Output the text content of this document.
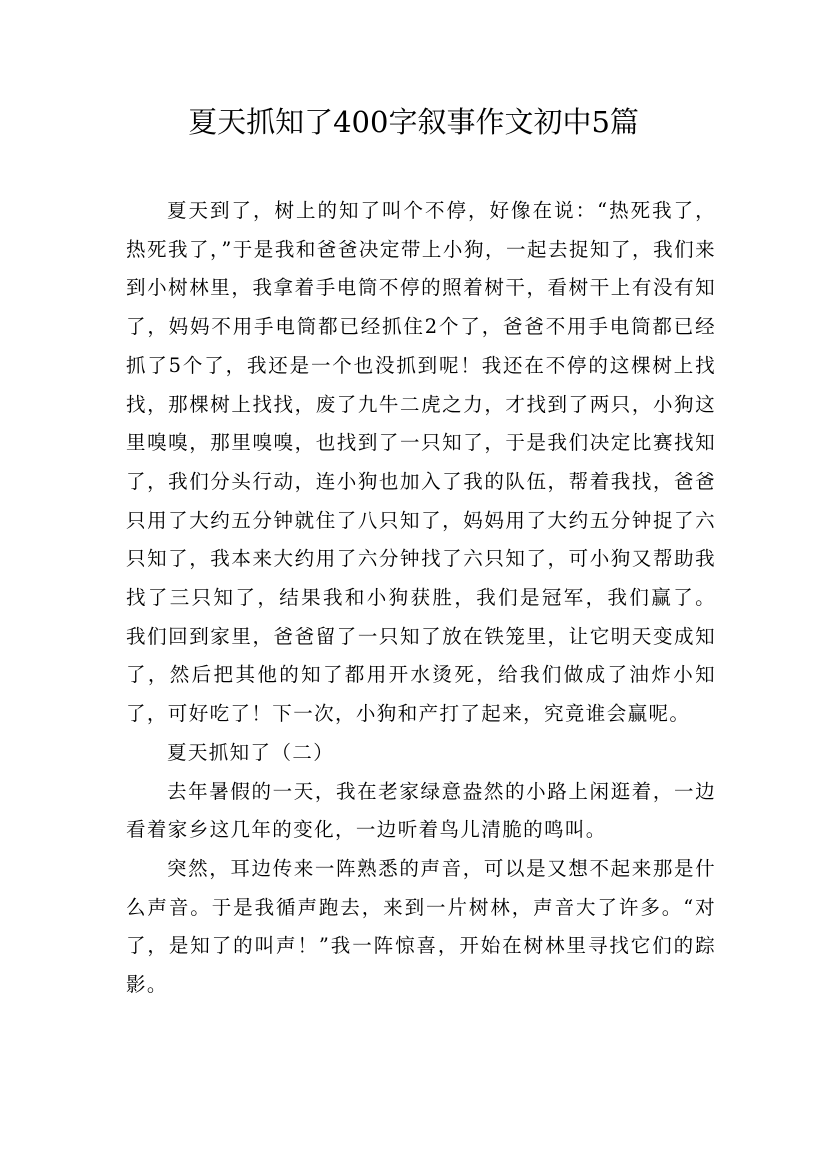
夏天抓知了400字叙事作文初中5篇

夏天到了，树上的知了叫个不停，好像在说：“热死我了，热死我了，”于是我和爸爸决定带上小狗，一起去捉知了，我们来到小树林里，我拿着手电筒不停的照着树干，看树干上有没有知了，妈妈不用手电筒都已经抓住2个了，爸爸不用手电筒都已经抓了5个了，我还是一个也没抓到呢！我还在不停的这棵树上找找，那棵树上找找，废了九牛二虎之力，才找到了两只，小狗这里嗅嗅，那里嗅嗅，也找到了一只知了，于是我们决定比赛找知了，我们分头行动，连小狗也加入了我的队伍，帮着我找，爸爸只用了大约五分钟就住了八只知了，妈妈用了大约五分钟捉了六只知了，我本来大约用了六分钟找了六只知了，可小狗又帮助我找了三只知了，结果我和小狗获胜，我们是冠军，我们赢了。 我们回到家里，爸爸留了一只知了放在铁笼里，让它明天变成知了，然后把其他的知了都用开水烫死，给我们做成了油炸小知了，可好吃了！下一次，小狗和产打了起来，究竟谁会赢呢。

夏天抓知了（二）

去年暑假的一天，我在老家绿意盎然的小路上闲逛着，一边看着家乡这几年的变化，一边听着鸟儿清脆的鸣叫。

突然，耳边传来一阵熟悉的声音，可以是又想不起来那是什么声音。于是我循声跑去，来到一片树林，声音大了许多。“对了，是知了的叫声！”我一阵惊喜，开始在树林里寻找它们的踪影。
